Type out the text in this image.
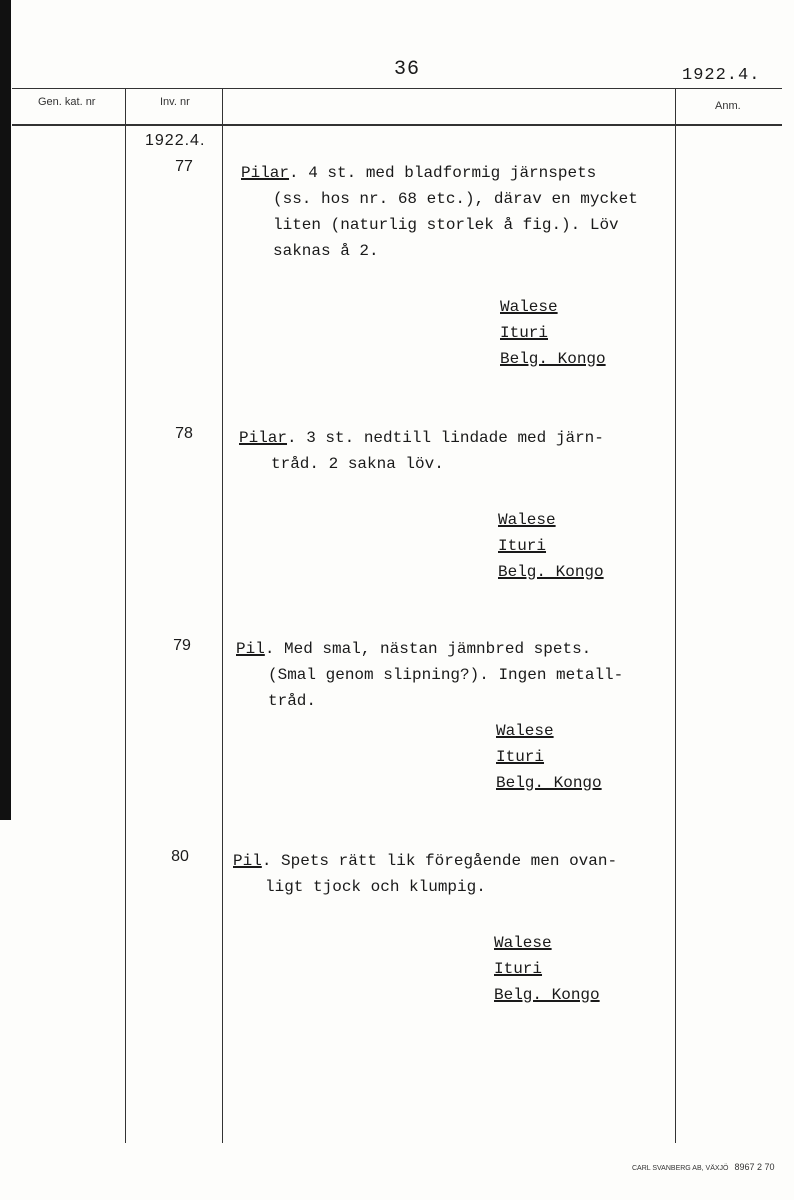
36	1922.4.
Gen. kat. nr	Inv. nr	Anm.
1922.4.
77	Pilar. 4 st. med bladformig järnspets
(ss. hos nr. 68 etc.), därav en mycket
liten (naturlig storlek å fig.). Löv
saknas å 2.
Walese
Ituri
Belg. Kongo
78	Pilar. 3 st. nedtill lindade med järn-
tråd. 2 sakna löv.
Walese
Ituri
Belg. Kongo
79	Pil. Med smal, nästan jämnbred spets.
(Smal genom slipning?). Ingen metall-
tråd.
Walese
Ituri
Belg. Kongo
80	Pil. Spets rätt lik föregående men ovan-
ligt tjock och klumpig.
Walese
Ituri
Belg. Kongo
CARL SVANBERG AB, VÄXJÖ 8967 2 70
